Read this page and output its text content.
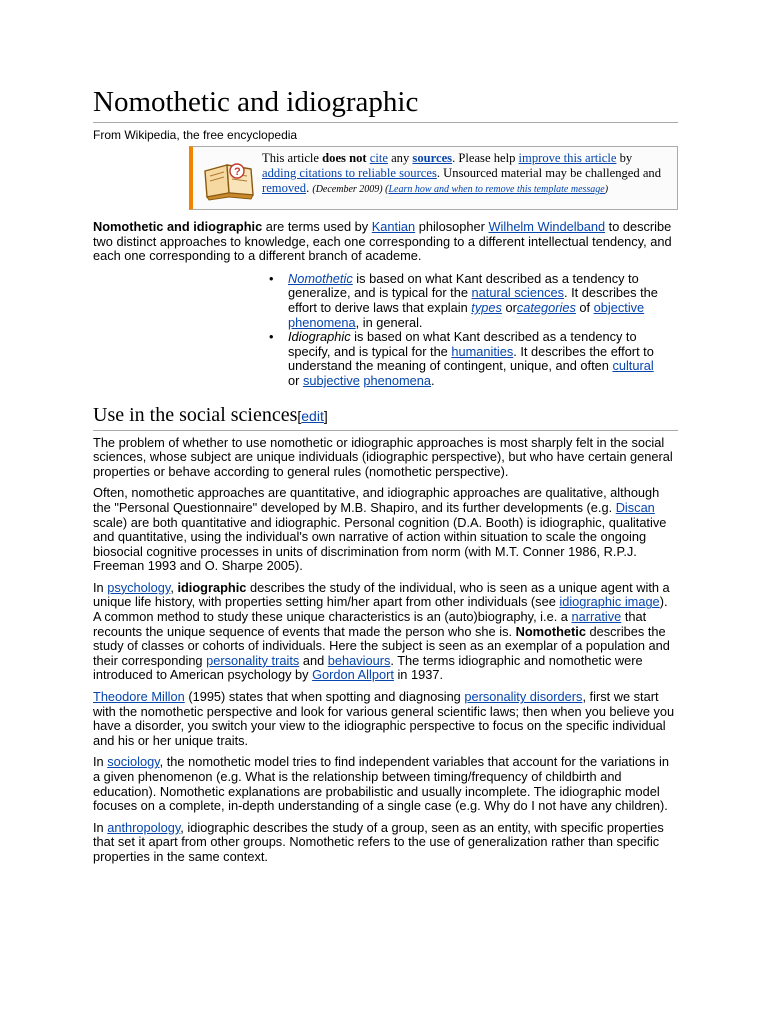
Nomothetic and idiographic
From Wikipedia, the free encyclopedia
?
This article does not cite any sources. Please help improve this article by adding citations to reliable sources. Unsourced material may be challenged and removed. (December 2009) (Learn how and when to remove this template message)

Nomothetic and idiographic are terms used by Kantian philosopher Wilhelm Windelband to describe two distinct approaches to knowledge, each one corresponding to a different intellectual tendency, and each one corresponding to a different branch of academe.

• Nomothetic is based on what Kant described as a tendency to generalize, and is typical for the natural sciences. It describes the effort to derive laws that explain types orcategories of objective phenomena, in general.
• Idiographic is based on what Kant described as a tendency to specify, and is typical for the humanities. It describes the effort to understand the meaning of contingent, unique, and often cultural or subjective phenomena.
Use in the social sciences[edit]

The problem of whether to use nomothetic or idiographic approaches is most sharply felt in the social sciences, whose subject are unique individuals (idiographic perspective), but who have certain general properties or behave according to general rules (nomothetic perspective).

Often, nomothetic approaches are quantitative, and idiographic approaches are qualitative, although the "Personal Questionnaire" developed by M.B. Shapiro, and its further developments (e.g. Discan scale) are both quantitative and idiographic. Personal cognition (D.A. Booth) is idiographic, qualitative and quantitative, using the individual's own narrative of action within situation to scale the ongoing biosocial cognitive processes in units of discrimination from norm (with M.T. Conner 1986, R.P.J. Freeman 1993 and O. Sharpe 2005).

In psychology, idiographic describes the study of the individual, who is seen as a unique agent with a unique life history, with properties setting him/her apart from other individuals (see idiographic image). A common method to study these unique characteristics is an (auto)biography, i.e. a narrative that recounts the unique sequence of events that made the person who she is. Nomothetic describes the study of classes or cohorts of individuals. Here the subject is seen as an exemplar of a population and their corresponding personality traits and behaviours. The terms idiographic and nomothetic were introduced to American psychology by Gordon Allport in 1937.

Theodore Millon (1995) states that when spotting and diagnosing personality disorders, first we start with the nomothetic perspective and look for various general scientific laws; then when you believe you have a disorder, you switch your view to the idiographic perspective to focus on the specific individual and his or her unique traits.

In sociology, the nomothetic model tries to find independent variables that account for the variations in a given phenomenon (e.g. What is the relationship between timing/frequency of childbirth and education). Nomothetic explanations are probabilistic and usually incomplete. The idiographic model focuses on a complete, in-depth understanding of a single case (e.g. Why do I not have any children).

In anthropology, idiographic describes the study of a group, seen as an entity, with specific properties that set it apart from other groups. Nomothetic refers to the use of generalization rather than specific properties in the same context.
